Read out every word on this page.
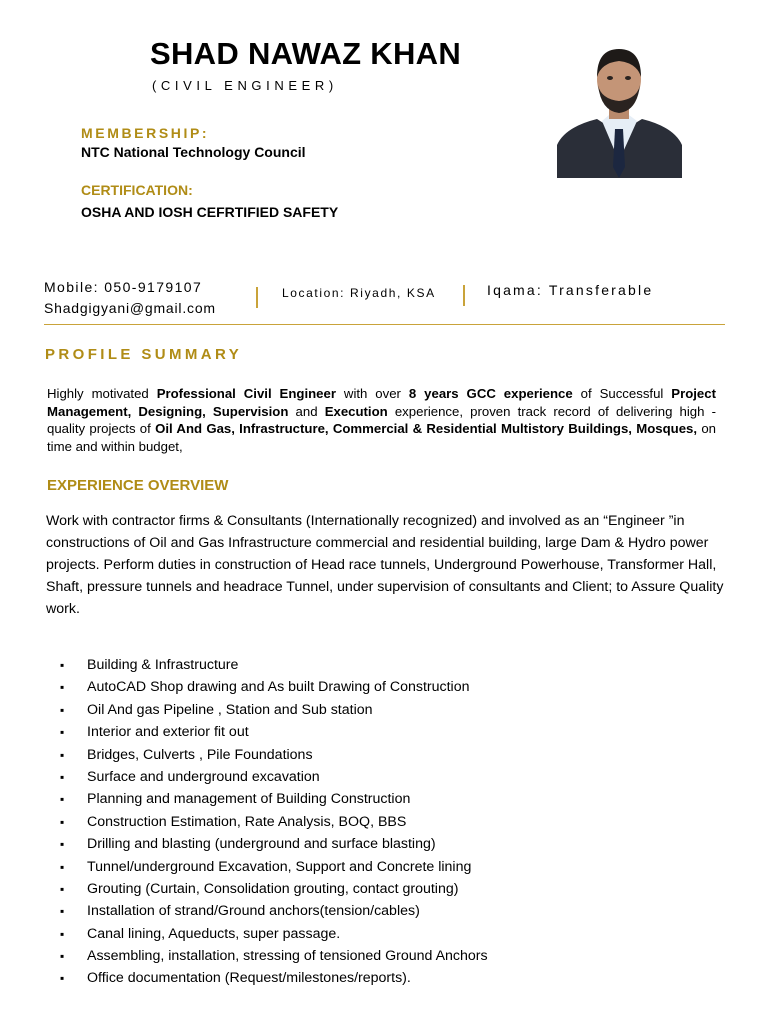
SHAD NAWAZ KHAN
(CIVIL ENGINEER)
MEMBERSHIP:
NTC National Technology Council
CERTIFICATION:
OSHA AND IOSH CEFRTIFIED SAFETY
Mobile: 050-9179107
Shadgigyani@gmail.com
Location: Riyadh, KSA	Iqama: Transferable
PROFILE SUMMARY
Highly motivated Professional Civil Engineer with over 8 years GCC experience of Successful Project Management, Designing, Supervision and Execution experience, proven track record of delivering high - quality projects of Oil And Gas, Infrastructure, Commercial & Residential Multistory Buildings, Mosques, on time and within budget,
EXPERIENCE OVERVIEW
Work with contractor firms & Consultants (Internationally recognized) and involved as an “Engineer ”in constructions of Oil and Gas Infrastructure commercial and residential building, large Dam & Hydro power projects. Perform duties in construction of Head race tunnels, Underground Powerhouse, Transformer Hall, Shaft, pressure tunnels and headrace Tunnel, under supervision of consultants and Client; to Assure Quality work.
▪	Building & Infrastructure
▪	AutoCAD Shop drawing and As built Drawing of Construction
▪	Oil And gas Pipeline , Station and Sub station
▪	Interior and exterior fit out
▪	Bridges, Culverts , Pile Foundations
▪	Surface and underground excavation
▪	Planning and management of Building Construction
▪	Construction Estimation, Rate Analysis, BOQ, BBS
▪	Drilling and blasting (underground and surface blasting)
▪	Tunnel/underground Excavation, Support and Concrete lining
▪	Grouting (Curtain, Consolidation grouting, contact grouting)
▪	Installation of strand/Ground anchors(tension/cables)
▪	Canal lining, Aqueducts, super passage.
▪	Assembling, installation, stressing of tensioned Ground Anchors
▪	Office documentation (Request/milestones/reports).
